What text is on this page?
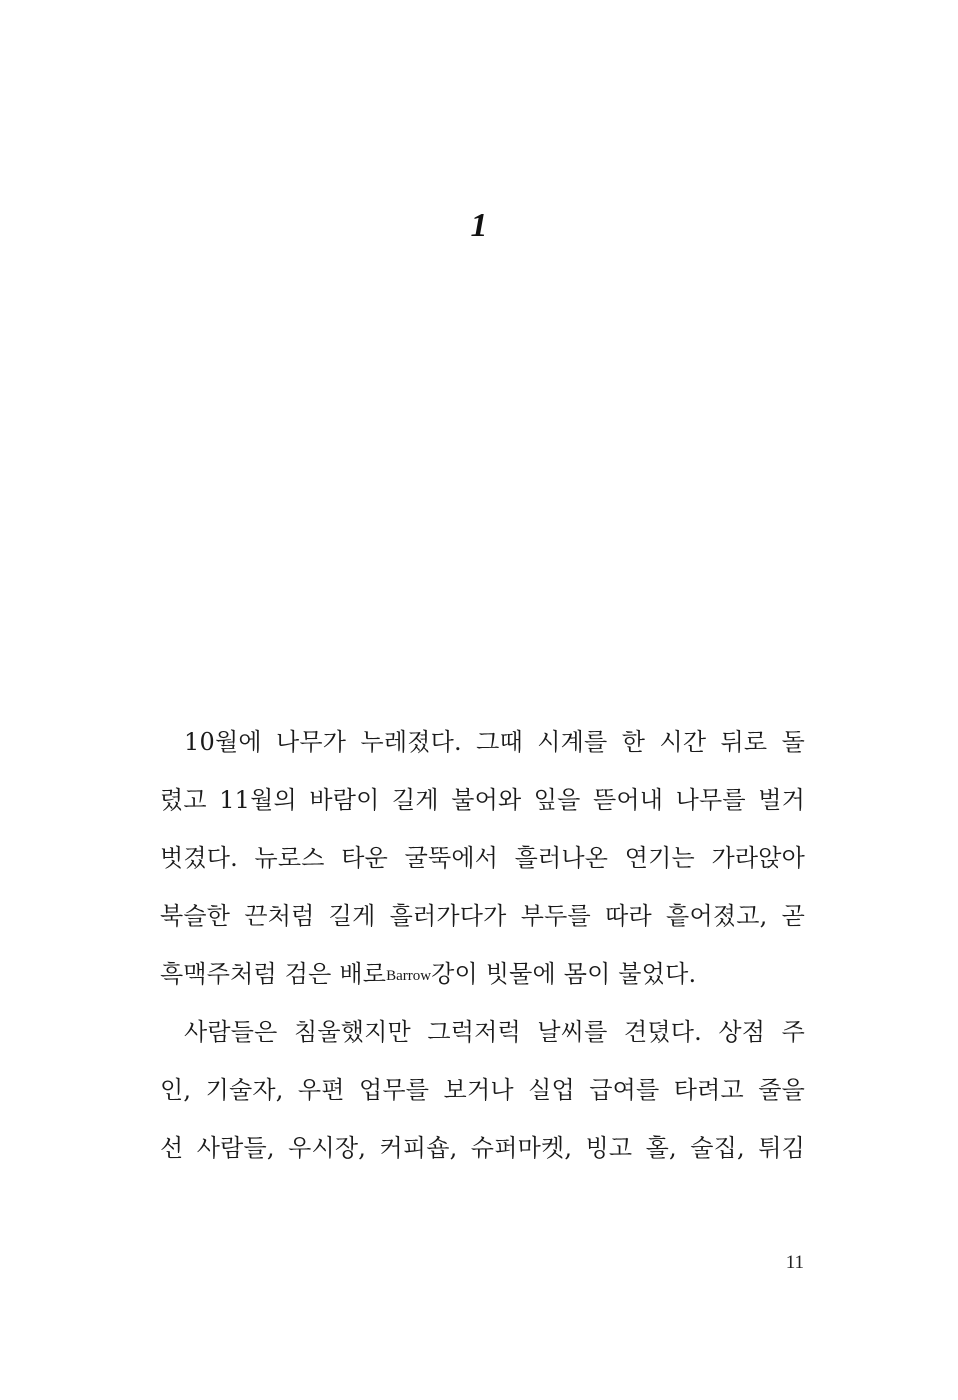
1
10월에 나무가 누레졌다. 그때 시계를 한 시간 뒤로 돌
렸고 11월의 바람이 길게 불어와 잎을 뜯어내 나무를 벌거
벗겼다. 뉴로스 타운 굴뚝에서 흘러나온 연기는 가라앉아
북슬한 끈처럼 길게 흘러가다가 부두를 따라 흩어졌고, 곧
흑맥주처럼 검은 배로Barrow강이 빗물에 몸이 불었다.
사람들은 침울했지만 그럭저럭 날씨를 견뎠다. 상점 주
인, 기술자, 우편 업무를 보거나 실업 급여를 타려고 줄을
선 사람들, 우시장, 커피숍, 슈퍼마켓, 빙고 홀, 술집, 튀김
11
